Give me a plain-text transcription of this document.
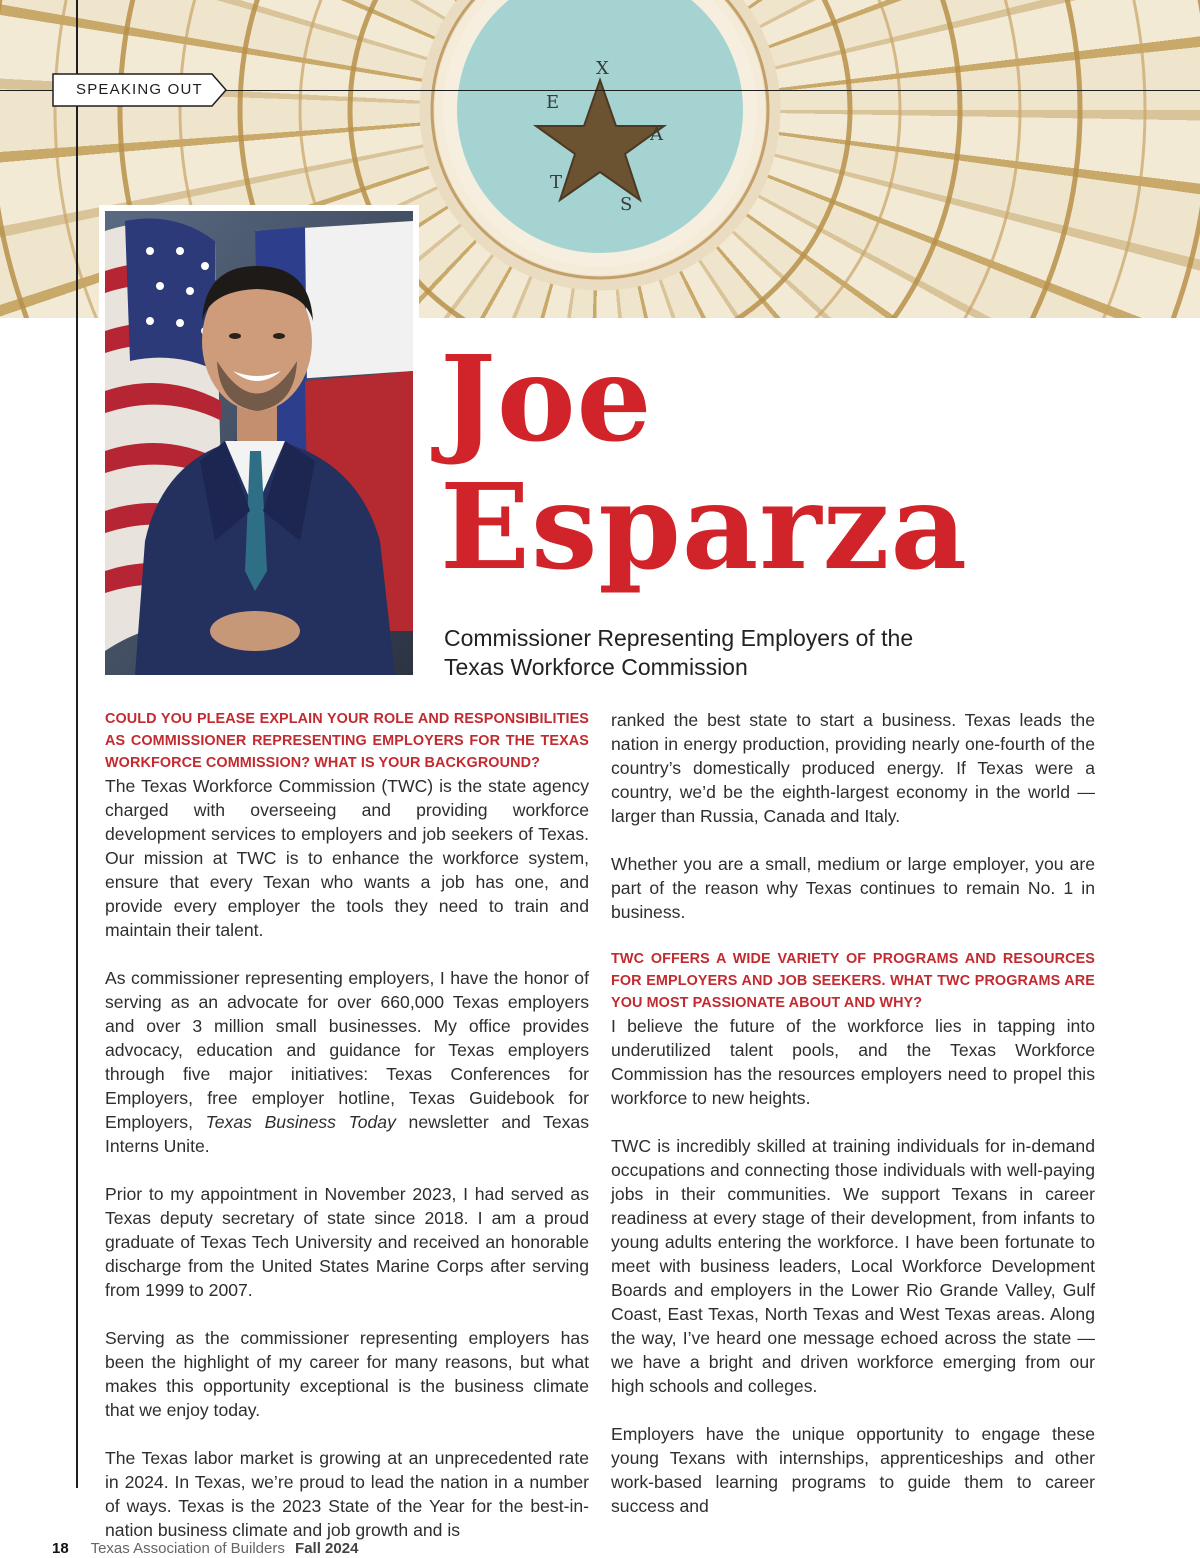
E
X
A
S
T
SPEAKING OUT
Joe
Esparza
Commissioner Representing Employers of the
Texas Workforce Commission
COULD YOU PLEASE EXPLAIN YOUR ROLE AND RESPONSIBILITIES AS COMMISSIONER REPRESENTING EMPLOYERS FOR THE TEXAS WORKFORCE COMMISSION? WHAT IS YOUR BACKGROUND?
The Texas Workforce Commission (TWC) is the state agency charged with overseeing and providing workforce development services to employers and job seekers of Texas. Our mission at TWC is to enhance the workforce system, ensure that every Texan who wants a job has one, and provide every employer the tools they need to train and maintain their talent.
As commissioner representing employers, I have the honor of serving as an advocate for over 660,000 Texas employers and over 3 million small businesses. My office provides advocacy, education and guidance for Texas employers through five major initiatives: Texas Conferences for Employers, free employer hotline, Texas Guidebook for Employers, Texas Business Today newsletter and Texas Interns Unite.
Prior to my appointment in November 2023, I had served as Texas deputy secretary of state since 2018. I am a proud graduate of Texas Tech University and received an honorable discharge from the United States Marine Corps after serving from 1999 to 2007.
Serving as the commissioner representing employers has been the highlight of my career for many reasons, but what makes this opportunity exceptional is the business climate that we enjoy today.
The Texas labor market is growing at an unprecedented rate in 2024. In Texas, we’re proud to lead the nation in a number of ways. Texas is the 2023 State of the Year for the best-in-nation business climate and job growth and is
ranked the best state to start a business. Texas leads the nation in energy production, providing nearly one-fourth of the country’s domestically produced energy. If Texas were a country, we’d be the eighth-largest economy in the world — larger than Russia, Canada and Italy.
Whether you are a small, medium or large employer, you are part of the reason why Texas continues to remain No. 1 in business.
TWC OFFERS A WIDE VARIETY OF PROGRAMS AND RESOURCES FOR EMPLOYERS AND JOB SEEKERS. WHAT TWC PROGRAMS ARE YOU MOST PASSIONATE ABOUT AND WHY?
I believe the future of the workforce lies in tapping into underutilized talent pools, and the Texas Workforce Commission has the resources employers need to propel this workforce to new heights.
TWC is incredibly skilled at training individuals for in-demand occupations and connecting those individuals with well-paying jobs in their communities. We support Texans in career readiness at every stage of their development, from infants to young adults entering the workforce. I have been fortunate to meet with business leaders, Local Workforce Development Boards and employers in the Lower Rio Grande Valley, Gulf Coast, East Texas, North Texas and West Texas areas. Along the way, I’ve heard one message echoed across the state — we have a bright and driven workforce emerging from our high schools and colleges.
Employers have the unique opportunity to engage these young Texans with internships, apprenticeships and other work-based learning programs to guide them to career success and
18 Texas Association of Builders Fall 2024
